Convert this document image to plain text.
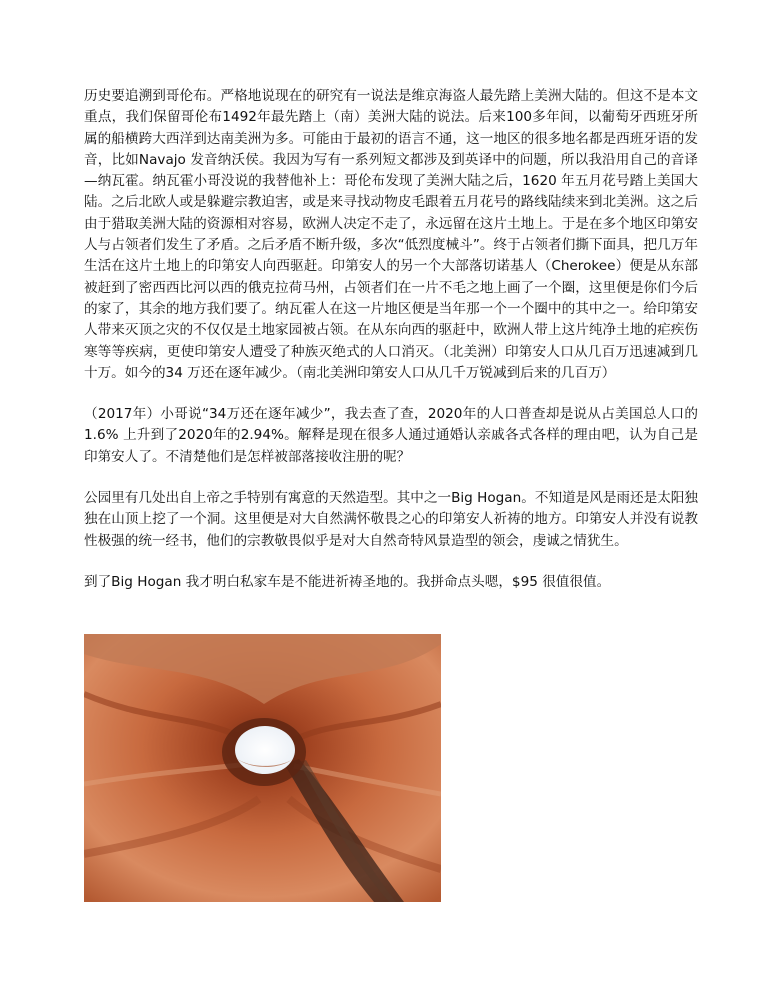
历史要追溯到哥伦布。严格地说现在的研究有一说法是维京海盗人最先踏上美洲大陆的。但这不是本文重点，我们保留哥伦布1492年最先踏上（南）美洲大陆的说法。后来100多年间，以葡萄牙西班牙所属的船横跨大西洋到达南美洲为多。可能由于最初的语言不通，这一地区的很多地名都是西班牙语的发音，比如Navajo 发音纳沃侯。我因为写有一系列短文都涉及到英译中的问题，所以我沿用自己的音译—纳瓦霍。纳瓦霍小哥没说的我替他补上：哥伦布发现了美洲大陆之后，1620 年五月花号踏上美国大陆。之后北欧人或是躲避宗教迫害，或是来寻找动物皮毛跟着五月花号的路线陆续来到北美洲。这之后由于猎取美洲大陆的资源相对容易，欧洲人决定不走了，永远留在这片土地上。于是在多个地区印第安人与占领者们发生了矛盾。之后矛盾不断升级，多次“低烈度械斗”。终于占领者们撕下面具，把几万年生活在这片土地上的印第安人向西驱赶。印第安人的另一个大部落切诺基人（Cherokee）便是从东部被赶到了密西西比河以西的俄克拉荷马州，占领者们在一片不毛之地上画了一个圈，这里便是你们今后的家了，其余的地方我们要了。纳瓦霍人在这一片地区便是当年那一个一个圈中的其中之一。给印第安人带来灭顶之灾的不仅仅是土地家园被占领。在从东向西的驱赶中，欧洲人带上这片纯净土地的疟疾伤寒等等疾病，更使印第安人遭受了种族灭绝式的人口消灭。（北美洲）印第安人口从几百万迅速减到几十万。如今的34 万还在逐年减少。（南北美洲印第安人口从几千万锐减到后来的几百万）

（2017年）小哥说“34万还在逐年减少”，我去查了查，2020年的人口普查却是说从占美国总人口的1.6% 上升到了2020年的2.94%。解释是现在很多人通过通婚认亲戚各式各样的理由吧，认为自己是印第安人了。不清楚他们是怎样被部落接收注册的呢？

公园里有几处出自上帝之手特别有寓意的天然造型。其中之一Big Hogan。不知道是风是雨还是太阳独独在山顶上挖了一个洞。这里便是对大自然满怀敬畏之心的印第安人祈祷的地方。印第安人并没有说教性极强的统一经书，他们的宗教敬畏似乎是对大自然奇特风景造型的领会，虔诚之情犹生。

到了Big Hogan 我才明白私家车是不能进祈祷圣地的。我拼命点头嗯，$95 很值很值。
